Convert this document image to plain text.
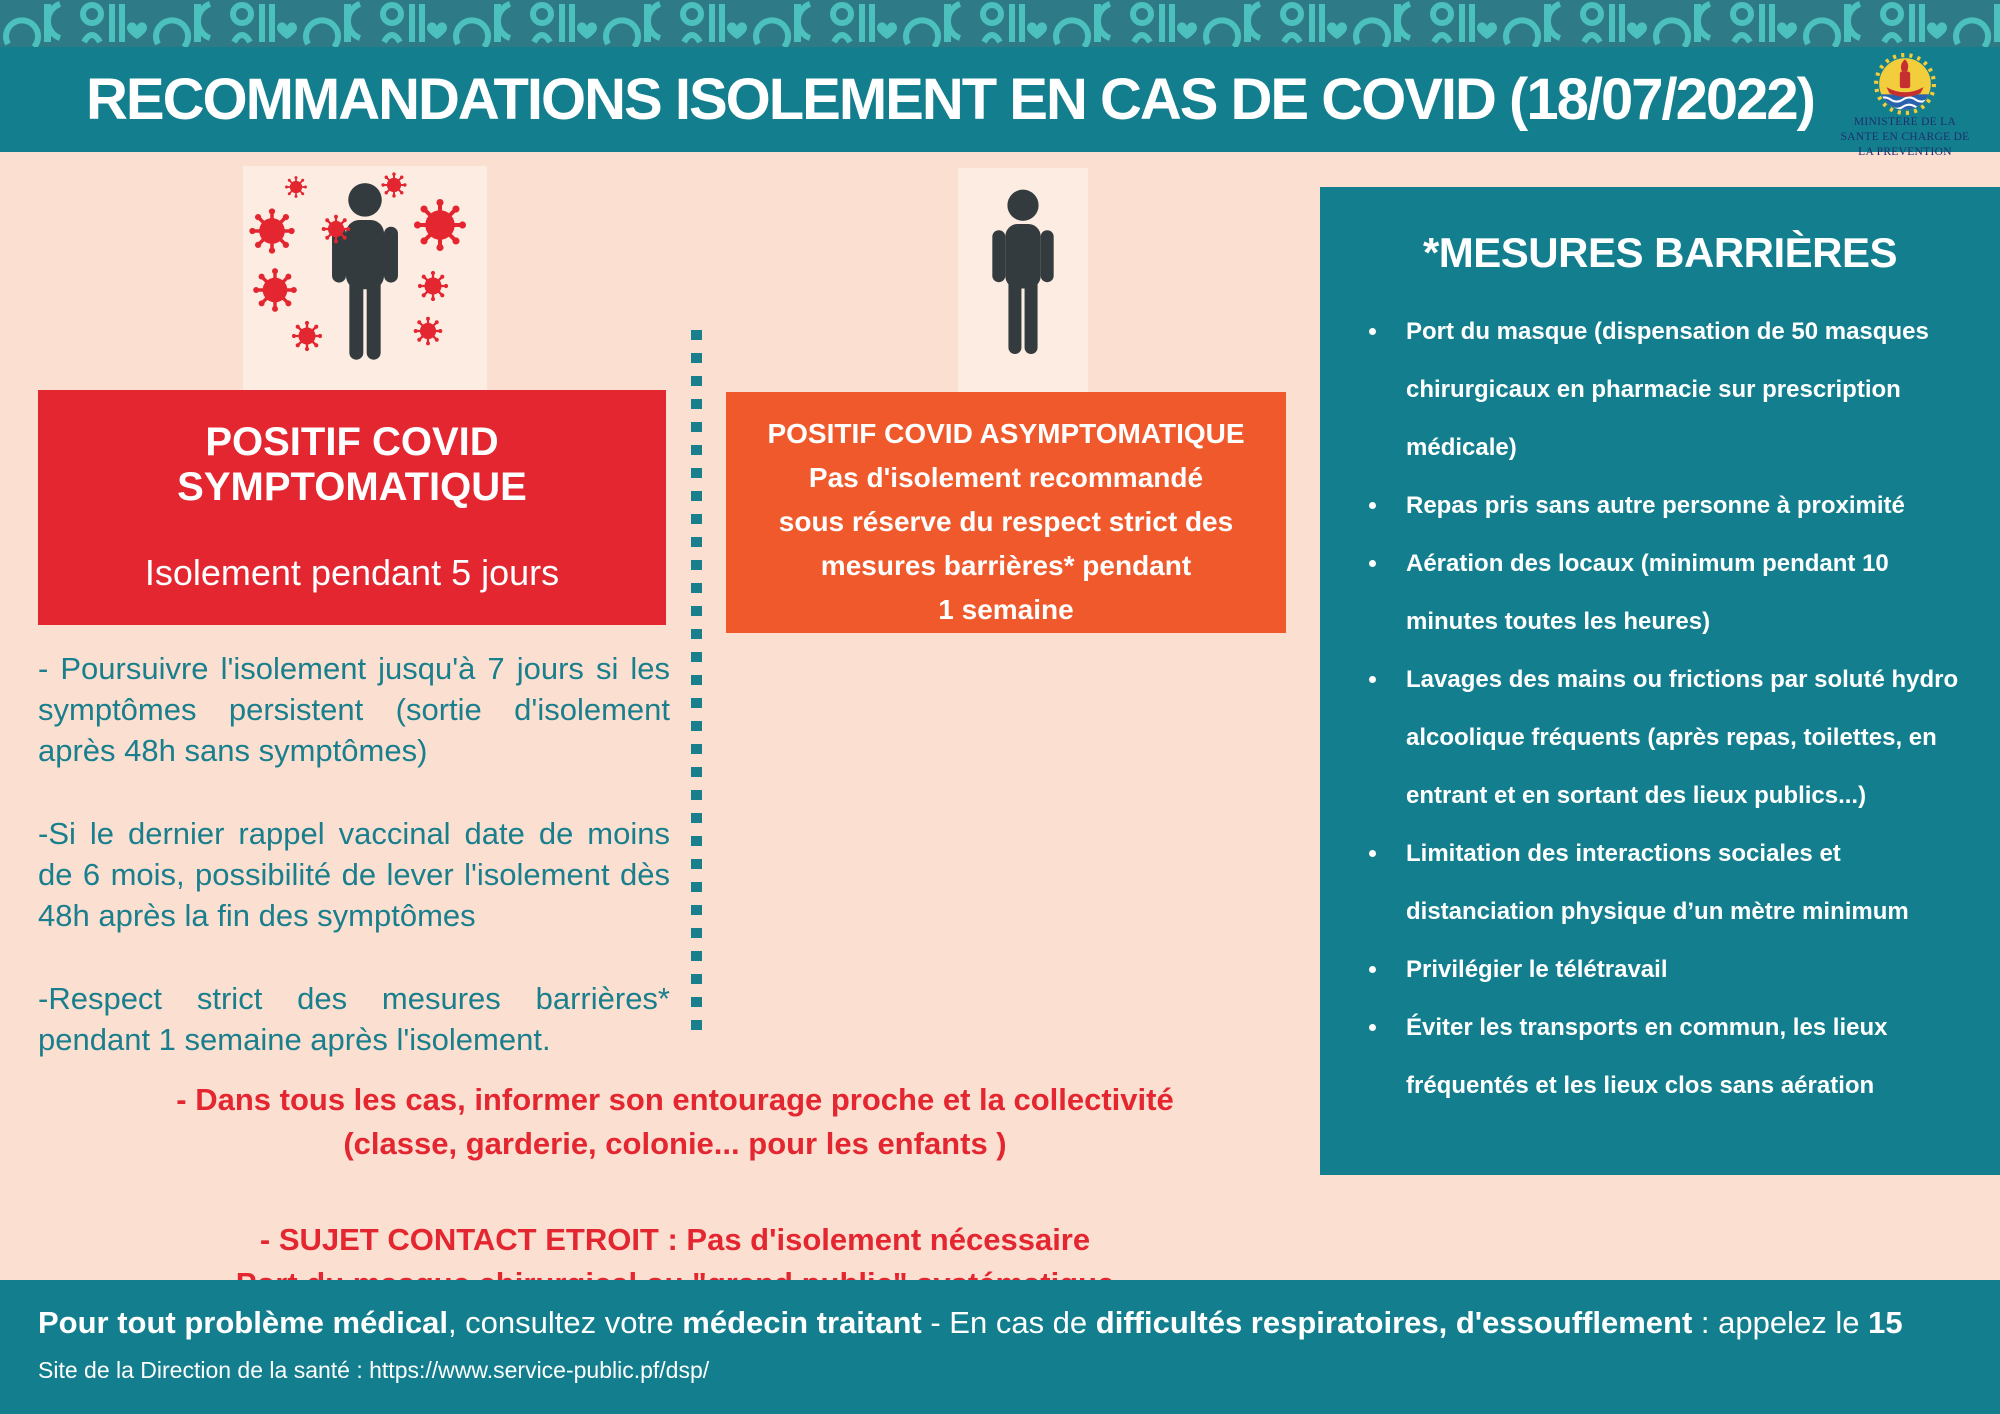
RECOMMANDATIONS ISOLEMENT EN CAS DE COVID (18/07/2022)	MINISTERE DE LA
SANTE EN CHARGE DE
LA PREVENTION
POSITIF COVID SYMPTOMATIQUE
Isolement pendant 5 jours
POSITIF COVID ASYMPTOMATIQUE
Pas d'isolement recommandé
sous réserve du respect strict des
mesures barrières* pendant
1 semaine

- Poursuivre l'isolement jusqu'à 7 jours si les symptômes persistent (sortie d'isolement après 48h sans symptômes)

-Si le dernier rappel vaccinal date de moins de 6 mois, possibilité de lever l'isolement dès 48h après la fin des symptômes

-Respect strict des mesures barrières* pendant 1 semaine après l'isolement.

*MESURES BARRIÈRES
• Port du masque (dispensation de 50 masques chirurgicaux en pharmacie sur prescription médicale)
• Repas pris sans autre personne à proximité
• Aération des locaux (minimum pendant 10 minutes toutes les heures)
• Lavages des mains ou frictions par soluté hydro alcoolique fréquents (après repas, toilettes, en entrant et en sortant des lieux publics...)
• Limitation des interactions sociales et distanciation physique d’un mètre minimum
• Privilégier le télétravail
• Éviter les transports en commun, les lieux fréquentés et les lieux clos sans aération
- Dans tous les cas, informer son entourage proche et la collectivité
(classe, garderie, colonie... pour les enfants )
- SUJET CONTACT ETROIT : Pas d'isolement nécessaire
Pour tout problème médical, consultez votre médecin traitant - En cas de difficultés respiratoires, d'essoufflement : appelez le 15
Site de la Direction de la santé : https://www.service-public.pf/dsp/
